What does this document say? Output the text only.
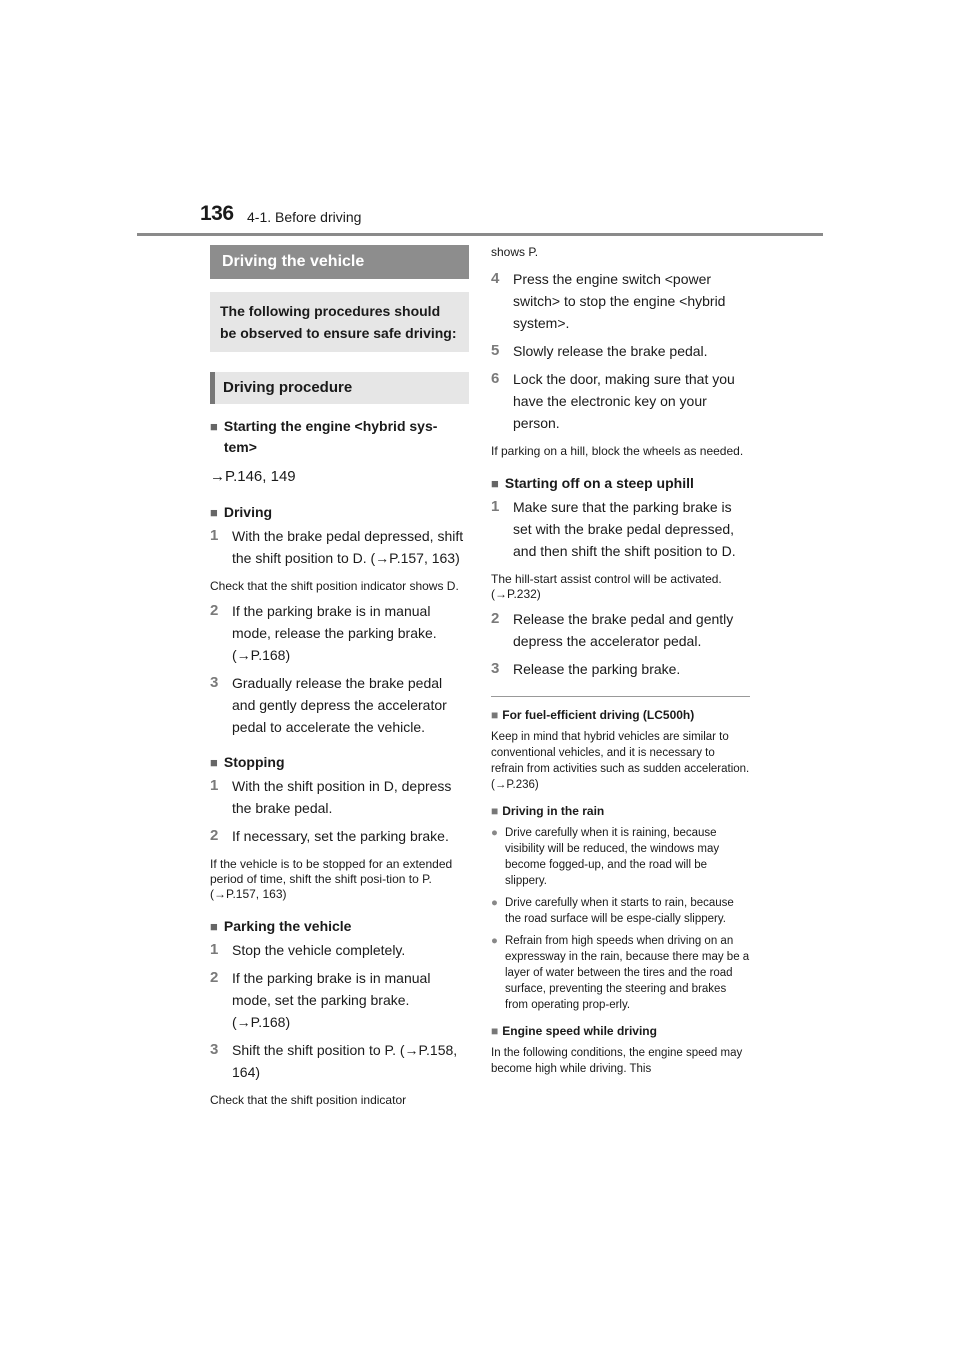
136 4-1. Before driving
Driving the vehicle
The following procedures should be observed to ensure safe driving:
Driving procedure
■ Starting the engine <hybrid sys-tem>
→P.146, 149
■ Driving
1 With the brake pedal depressed, shift the shift position to D. (→P.157, 163)
Check that the shift position indicator shows D.
2 If the parking brake is in manual mode, release the parking brake. (→P.168)
3 Gradually release the brake pedal and gently depress the accelerator pedal to accelerate the vehicle.
■ Stopping
1 With the shift position in D, depress the brake pedal.
2 If necessary, set the parking brake.
If the vehicle is to be stopped for an extended period of time, shift the shift posi-tion to P. (→P.157, 163)
■ Parking the vehicle
1 Stop the vehicle completely.
2 If the parking brake is in manual mode, set the parking brake. (→P.168)
3 Shift the shift position to P. (→P.158, 164)
Check that the shift position indicator
shows P.
4 Press the engine switch <power switch> to stop the engine <hybrid system>.
5 Slowly release the brake pedal.
6 Lock the door, making sure that you have the electronic key on your person.
If parking on a hill, block the wheels as needed.
■ Starting off on a steep uphill
1 Make sure that the parking brake is set with the brake pedal depressed, and then shift the shift position to D.
The hill-start assist control will be activated. (→P.232)
2 Release the brake pedal and gently depress the accelerator pedal.
3 Release the parking brake.
■ For fuel-efficient driving (LC500h)
Keep in mind that hybrid vehicles are similar to conventional vehicles, and it is necessary to refrain from activities such as sudden acceleration. (→P.236)
■ Driving in the rain
● Drive carefully when it is raining, because visibility will be reduced, the windows may become fogged-up, and the road will be slippery.
● Drive carefully when it starts to rain, because the road surface will be espe-cially slippery.
● Refrain from high speeds when driving on an expressway in the rain, because there may be a layer of water between the tires and the road surface, preventing the steering and brakes from operating prop-erly.
■ Engine speed while driving
In the following conditions, the engine speed may become high while driving. This
